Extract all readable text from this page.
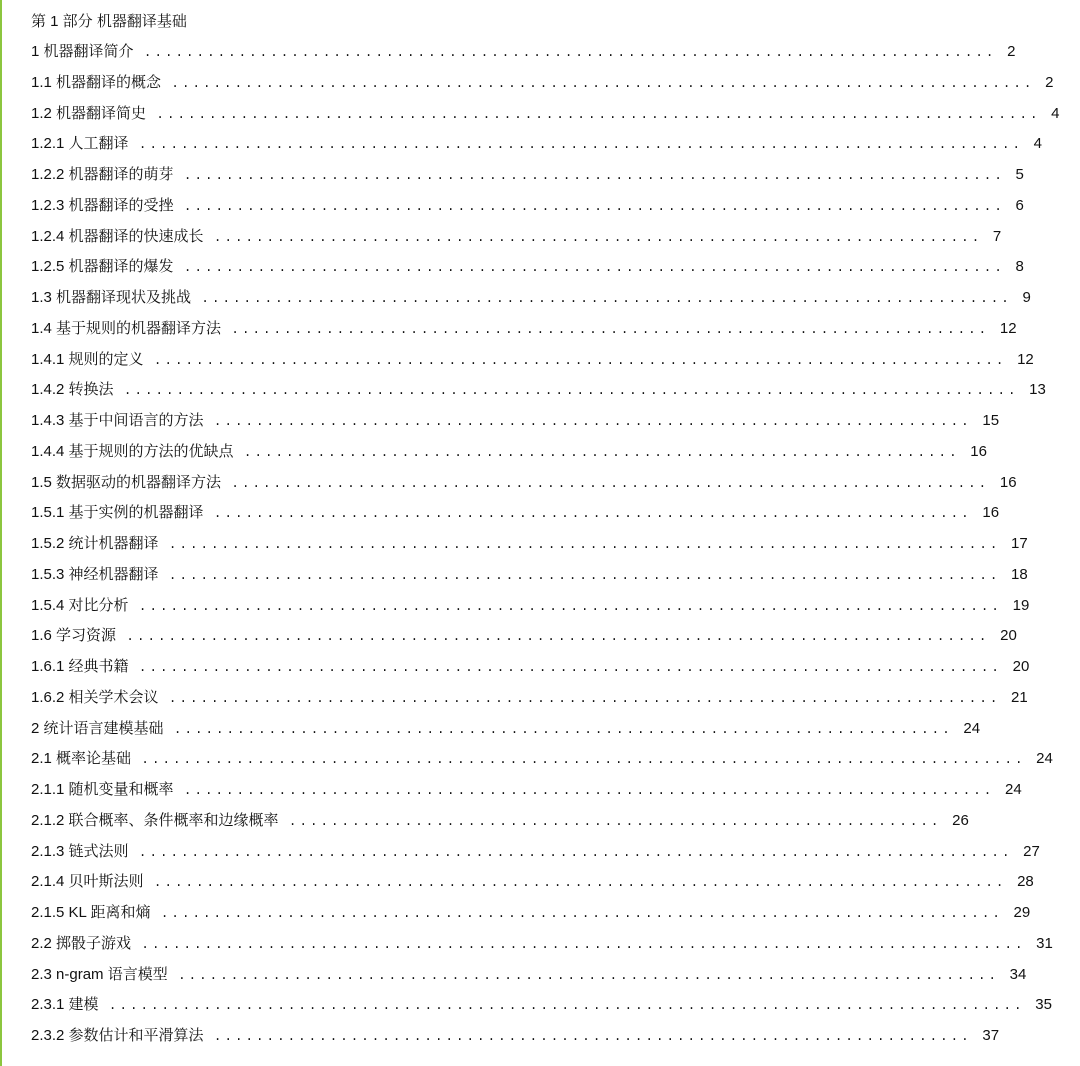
第 1 部分 机器翻译基础
1 机器翻译简介 ................................................................................. 2
1.1 机器翻译的概念 .................................................................................. 2
1.2 机器翻译简史 .................................................................................... 4
1.2.1 人工翻译 .................................................................................... 4
1.2.2 机器翻译的萌芽 .............................................................................. 5
1.2.3 机器翻译的受挫 .............................................................................. 6
1.2.4 机器翻译的快速成长 ......................................................................... 7
1.2.5 机器翻译的爆发 .............................................................................. 8
1.3 机器翻译现状及挑战 ............................................................................. 9
1.4 基于规则的机器翻译方法 ........................................................................ 12
1.4.1 规则的定义 ................................................................................. 12
1.4.2 转换法 ..................................................................................... 13
1.4.3 基于中间语言的方法 ........................................................................ 15
1.4.4 基于规则的方法的优缺点 .................................................................... 16
1.5 数据驱动的机器翻译方法 ........................................................................ 16
1.5.1 基于实例的机器翻译 ........................................................................ 16
1.5.2 统计机器翻译 ............................................................................... 17
1.5.3 神经机器翻译 ............................................................................... 18
1.5.4 对比分析 .................................................................................. 19
1.6 学习资源 .................................................................................. 20
1.6.1 经典书籍 .................................................................................. 20
1.6.2 相关学术会议 ............................................................................... 21
2 统计语言建模基础 .......................................................................... 24
2.1 概率论基础 .................................................................................... 24
2.1.1 随机变量和概率 ............................................................................. 24
2.1.2 联合概率、条件概率和边缘概率 .............................................................. 26
2.1.3 链式法则 ................................................................................... 27
2.1.4 贝叶斯法则 ................................................................................. 28
2.1.5 KL 距离和熵 ................................................................................ 29
2.2 掷骰子游戏 .................................................................................... 31
2.3 n-gram 语言模型 .............................................................................. 34
2.3.1 建模 ....................................................................................... 35
2.3.2 参数估计和平滑算法 ........................................................................ 37
